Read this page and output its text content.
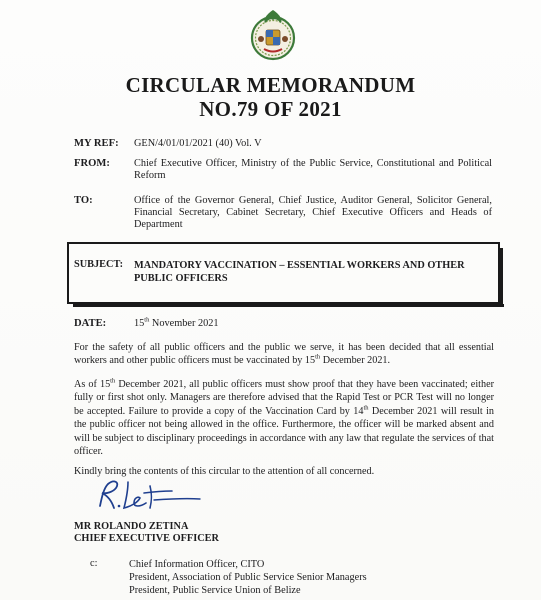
CIRCULAR MEMORANDUM
NO.79 OF 2021
MY REF: GEN/4/01/01/2021 (40) Vol. V
FROM: Chief Executive Officer, Ministry of the Public Service, Constitutional and Political Reform
TO:	Office of the Governor General, Chief Justice, Auditor General, Solicitor General, Financial Secretary, Cabinet Secretary, Chief Executive Officers and Heads of Department
SUBJECT: MANDATORY VACCINATION – ESSENTIAL WORKERS AND OTHER PUBLIC OFFICERS
DATE:	15th November 2021
For the safety of all public officers and the public we serve, it has been decided that all essential workers and other public officers must be vaccinated by 15th December 2021.
As of 15th December 2021, all public officers must show proof that they have been vaccinated; either fully or first shot only. Managers are therefore advised that the Rapid Test or PCR Test will no longer be accepted. Failure to provide a copy of the Vaccination Card by 14th December 2021 will result in the public officer not being allowed in the office. Furthermore, the officer will be marked absent and will be subject to disciplinary proceedings in accordance with any law that regulate the services of that officer.
Kindly bring the contents of this circular to the attention of all concerned.
MR ROLANDO ZETINA
CHIEF EXECUTIVE OFFICER
c:	Chief Information Officer, CITO
President, Association of Public Service Senior Managers
President, Public Service Union of Belize
